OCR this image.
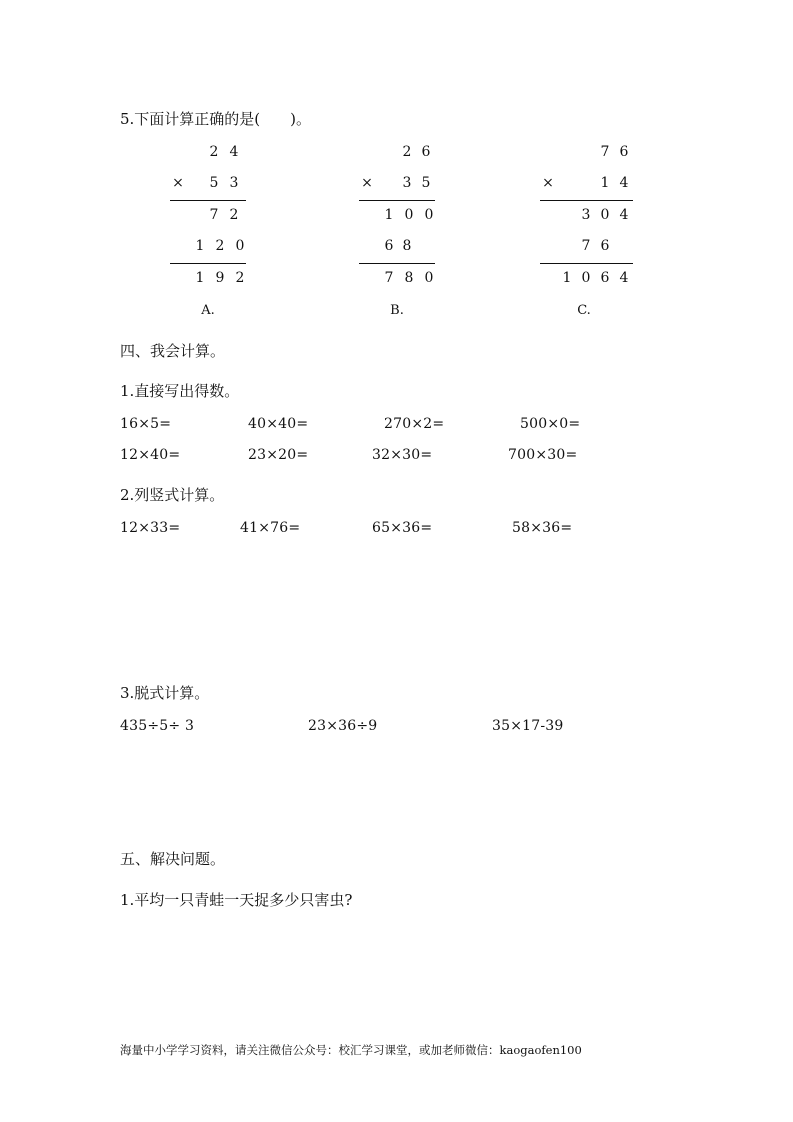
5.下面计算正确的是(　　)。
2 4
× 5 3
7 2
1 2 0
1 9 2
A.
2 6
× 3 5
1 0 0
6 8
7 8 0
B.
7 6
×	1 4
3 0 4
7 6
1 0 6 4
C.
四、我会计算。
1.直接写出得数。
16×5=	40×40=	270×2=	500×0=
12×40=	23×20=	32×30=	700×30=
2.列竖式计算。
12×33=	41×76=	65×36=	58×36=
3.脱式计算。
435÷5÷ 3	23×36÷9	35×17-39
五、解决问题。
1.平均一只青蛙一天捉多少只害虫?
海量中小学学习资料，请关注微信公众号：校汇学习课堂，或加老师微信：kaogaofen100
